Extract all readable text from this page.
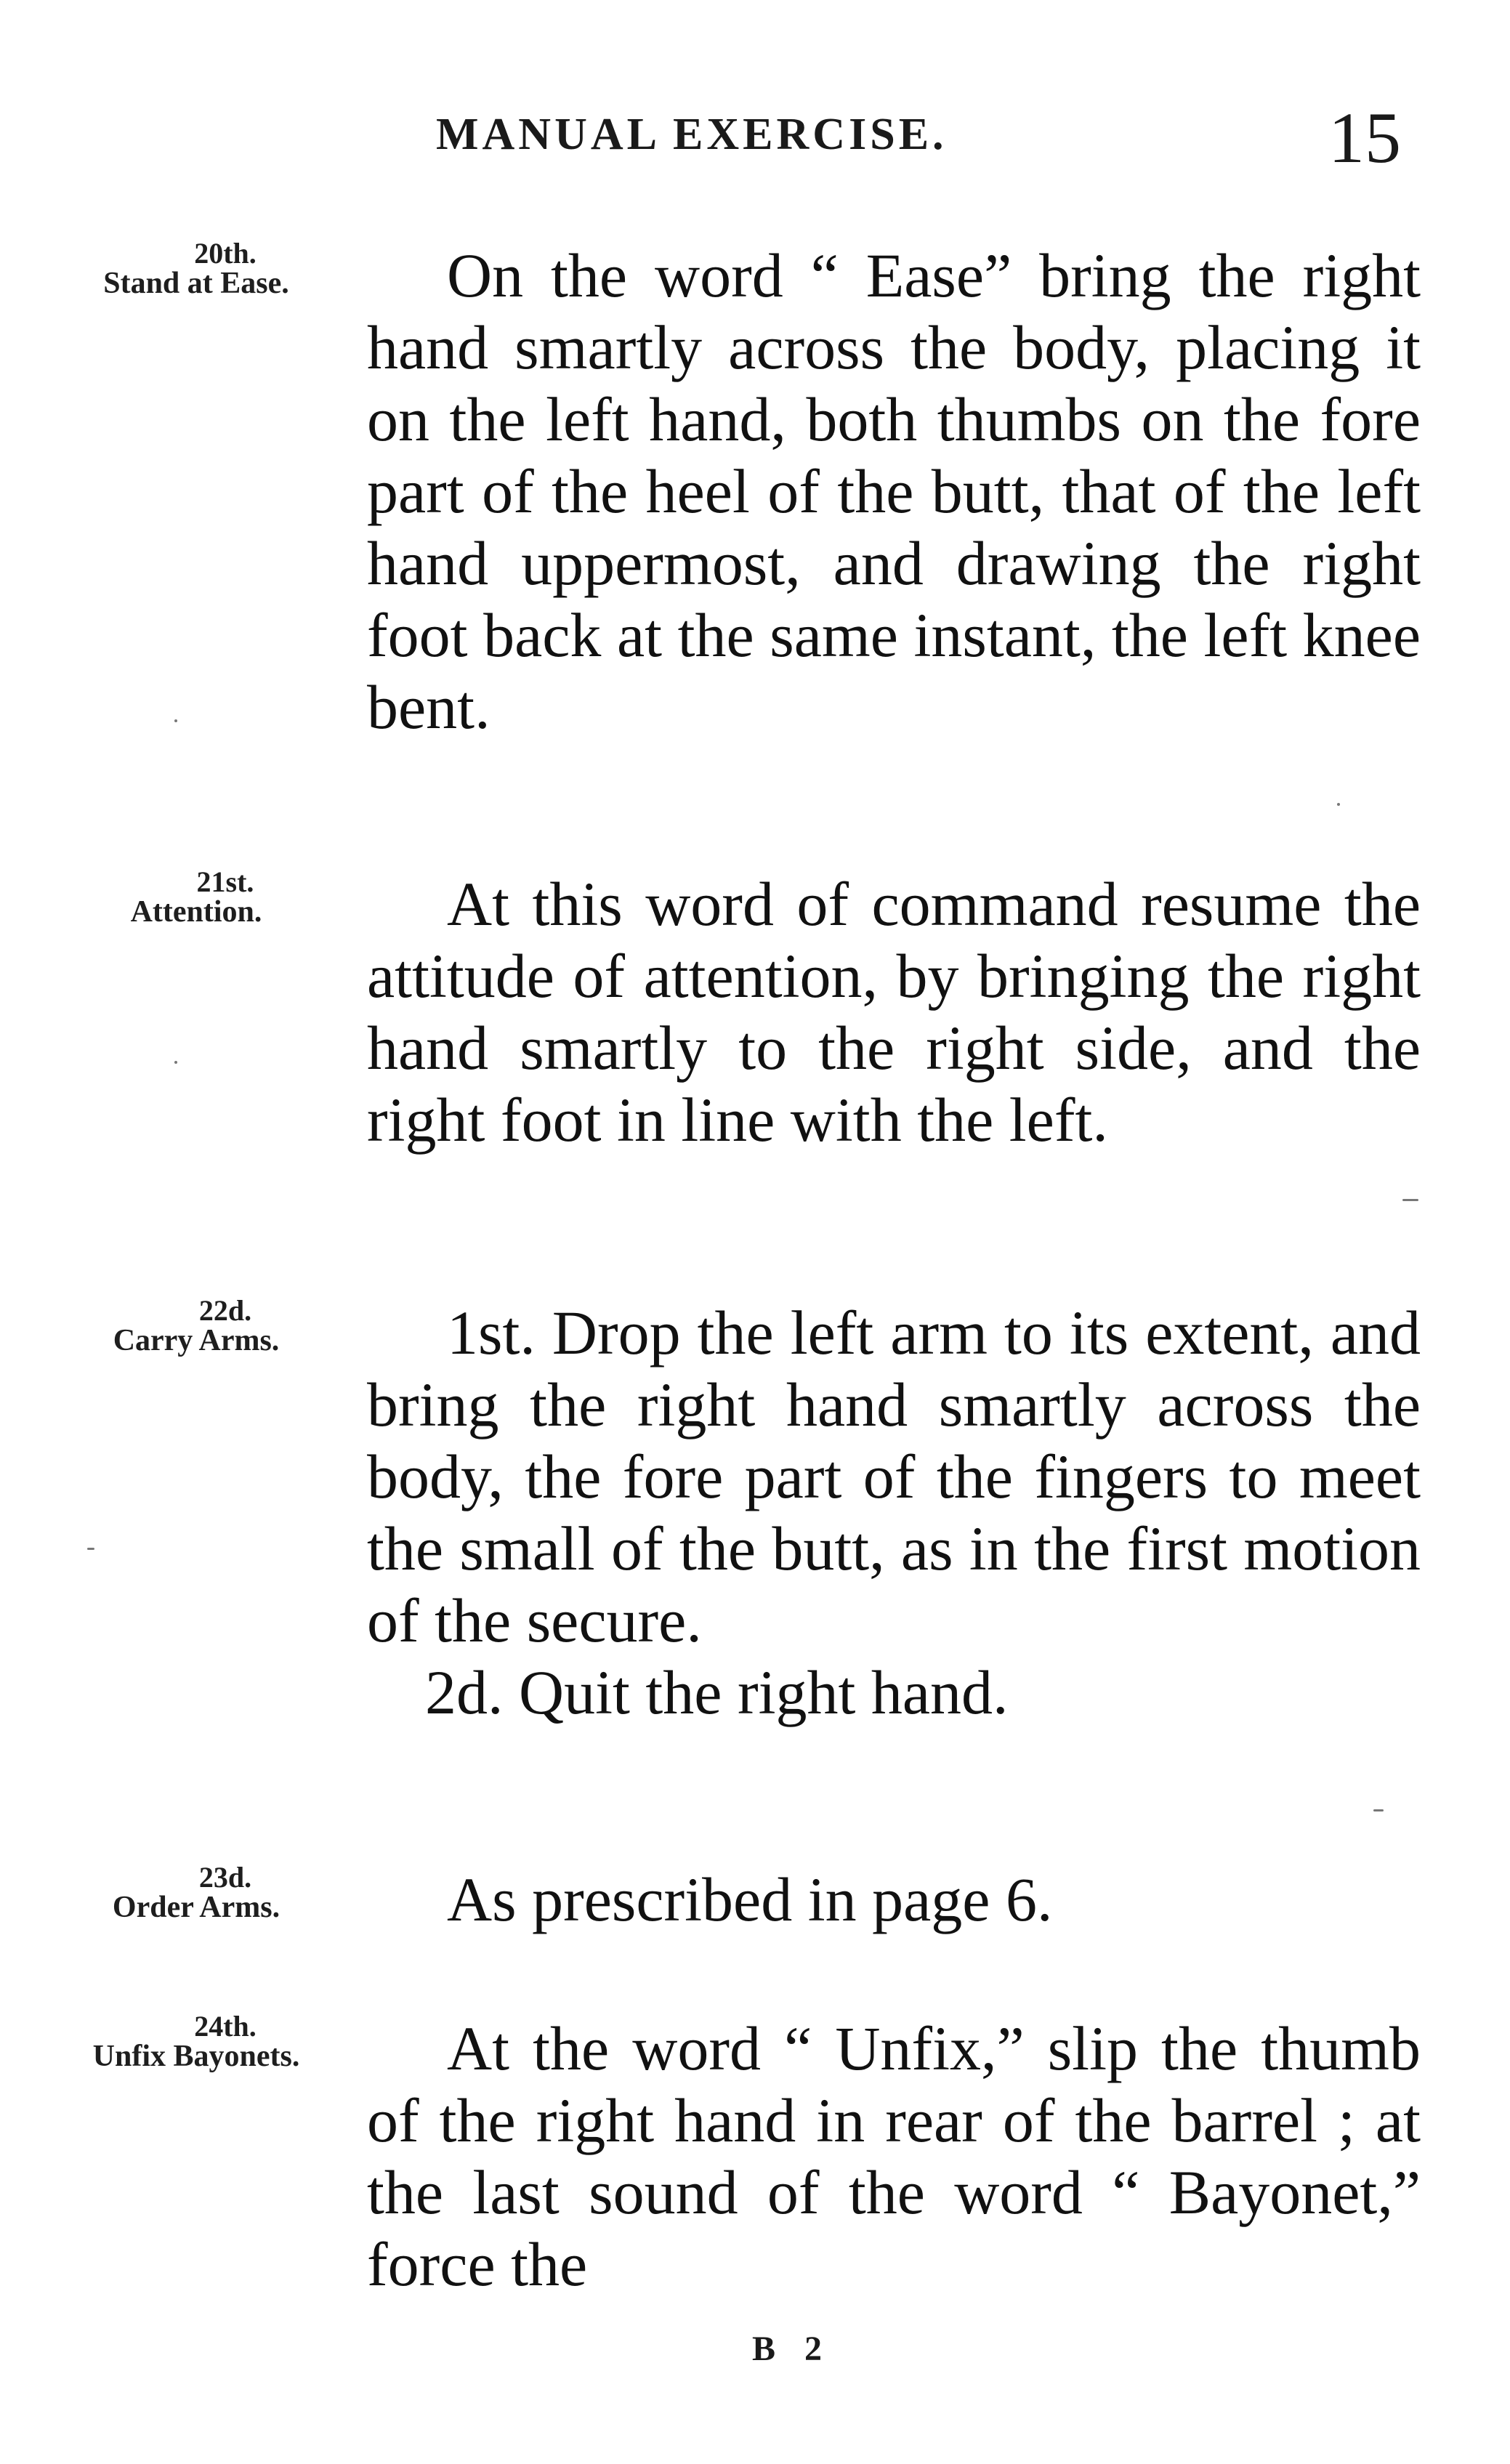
MANUAL EXERCISE.	15
20th.
Stand at Ease.	On the word “ Ease” bring the right hand smartly across the body, placing it on the left hand, both thumbs on the fore part of the heel of the butt, that of the left hand uppermost, and drawing the right foot back at the same instant, the left knee bent.
21st.
Attention.	At this word of command resume the attitude of attention, by bringing the right hand smartly to the right side, and the right foot in line with the left.
22d.
Carry Arms.	1st. Drop the left arm to its extent, and bring the right hand smartly across the body, the fore part of the fingers to meet the small of the butt, as in the first motion of the secure.
2d. Quit the right hand.
23d.
Order Arms.	As prescribed in page 6.
24th.
Unfix Bayonets.	At the word “ Unfix,” slip the thumb of the right hand in rear of the barrel ; at the last sound of the word “ Bayonet,” force the
B 2
